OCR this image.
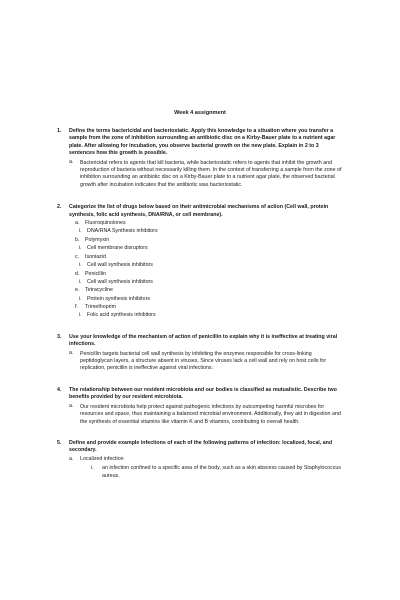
Week 4 assignment
1.	Define the terms bactericidal and bacteriostatic. Apply this knowledge to a situation where you transfer a sample from the zone of inhibition surrounding an antibiotic disc on a Kirby-Bauer plate to a nutrient agar plate. After allowing for incubation, you observe bacterial growth on the new plate. Explain in 2 to 3 sentences how this growth is possible.
a.	Bactericidal refers to agents that kill bacteria, while bacteriostatic refers to agents that inhibit the growth and reproduction of bacteria without necessarily killing them. In the context of transferring a sample from the zone of inhibition surrounding an antibiotic disc on a Kirby-Bauer plate to a nutrient agar plate, the observed bacterial growth after incubation indicates that the antibiotic was bacteriostatic.
2.	Categorize the list of drugs below based on their antimicrobial mechanisms of action (Cell wall, protein synthesis, folic acid synthesis, DNA/RNA, or cell membrane).
a.	Fluoroquinolones
i.	DNA/RNA Synthesis inhibitors
b.	Polymyxin
i.	Cell membrane disruptors
c.	Isoniazid
i.	Cell wall synthesis inhibitors
d.	Penicillin
i.	Cell wall synthesis inhibitors
e.	Tetracycline
i.	Protein synthesis inhibitors
f.	Trimethoprim
i.	Folic acid synthesis inhibitors
3.	Use your knowledge of the mechanism of action of penicillin to explain why it is ineffective at treating viral infections.
a.	Penicillin targets bacterial cell wall synthesis by inhibiting the enzymes responsible for cross-linking peptidoglycan layers, a structure absent in viruses. Since viruses lack a cell wall and rely on host cells for replication, penicillin is ineffective against viral infections.
4.	The relationship between our resident microbiota and our bodies is classified as mutualistic. Describe two benefits provided by our resident microbiota.
a.	Our resident microbiota help protect against pathogenic infections by outcompeting harmful microbes for resources and space, thus maintaining a balanced microbial environment. Additionally, they aid in digestion and the synthesis of essential vitamins like vitamin K and B vitamins, contributing to overall health.
5.	Define and provide example infections of each of the following patterns of infection: localized, focal, and secondary.
a.	Localized infection
i.	an infection confined to a specific area of the body, such as a skin abscess caused by Staphylococcus aureus.
